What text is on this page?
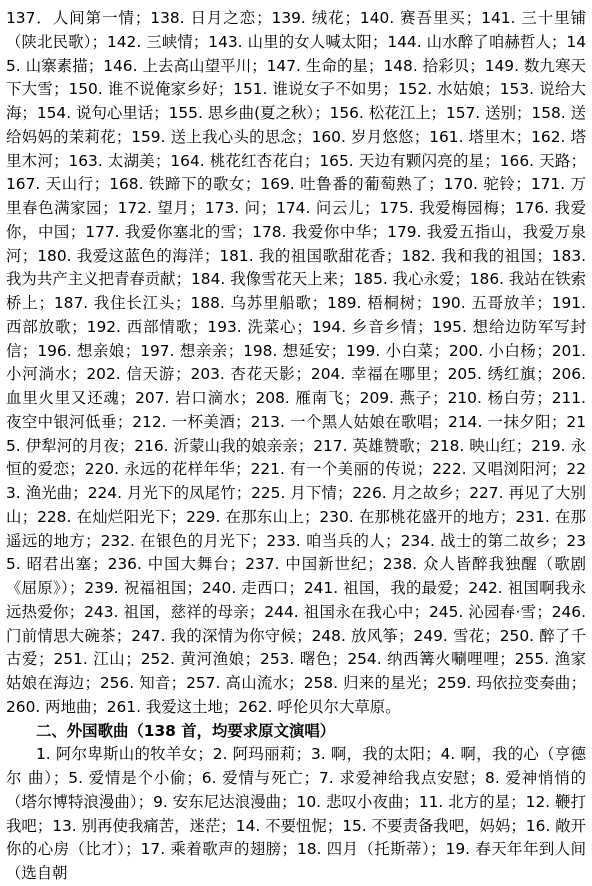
137．人间第一情；138. 日月之恋；139. 绒花；140. 赛吾里买；141. 三十里铺（陕北民歌）；142. 三峡情；143. 山里的女人喊太阳；144. 山水醉了咱赫哲人；145. 山寨素描；146. 上去高山望平川；147. 生命的星；148. 拾彩贝；149. 数九寒天下大雪；150. 谁不说俺家乡好；151. 谁说女子不如男；152. 水姑娘；153. 说给大海；154. 说句心里话；155. 思乡曲(夏之秋）；156. 松花江上；157. 送别；158. 送给妈妈的茉莉花；159. 送上我心头的思念；160. 岁月悠悠；161. 塔里木；162. 塔里木河；163. 太湖美；164. 桃花红杏花白；165. 天边有颗闪亮的星；166. 天路；167. 天山行；168. 铁蹄下的歌女；169. 吐鲁番的葡萄熟了；170. 驼铃；171. 万里春色满家园；172. 望月；173. 问；174. 问云儿；175. 我爱梅园梅；176. 我爱你，中国；177. 我爱你塞北的雪；178. 我爱你中华；179. 我爱五指山，我爱万泉河；180. 我爱这蓝色的海洋；181. 我的祖国歌甜花香；182. 我和我的祖国；183. 我为共产主义把青春贡献；184. 我像雪花天上来；185. 我心永爱；186. 我站在铁索桥上；187. 我住长江头；188. 乌苏里船歌；189. 梧桐树；190. 五哥放羊；191. 西部放歌；192. 西部情歌；193. 洗菜心；194. 乡音乡情；195. 想给边防军写封信；196. 想亲娘；197. 想亲亲；198. 想延安；199. 小白菜；200. 小白杨；201. 小河淌水；202. 信天游；203. 杏花天影；204. 幸福在哪里；205. 绣红旗；206. 血里火里又还魂；207. 岩口滴水；208. 雁南飞；209. 燕子；210. 杨白劳；211. 夜空中银河低垂；212. 一杯美酒；213. 一个黑人姑娘在歌唱；214. 一抹夕阳；215. 伊犁河的月夜；216. 沂蒙山我的娘亲亲；217. 英雄赞歌；218. 映山红；219. 永恒的爱恋；220. 永远的花样年华；221. 有一个美丽的传说；222. 又唱浏阳河；223. 渔光曲；224. 月光下的凤尾竹；225. 月下情；226. 月之故乡；227. 再见了大别山；228. 在灿烂阳光下；229. 在那东山上；230. 在那桃花盛开的地方；231. 在那遥远的地方；232. 在银色的月光下；233. 咱当兵的人；234. 战士的第二故乡；235. 昭君出塞；236. 中国大舞台；237. 中国新世纪；238. 众人皆醉我独醒（歌剧《屈原》）；239. 祝福祖国；240. 走西口；241. 祖国，我的最爱；242. 祖国啊我永远热爱你；243. 祖国，慈祥的母亲；244. 祖国永在我心中；245. 沁园春·雪；246. 门前情思大碗茶；247. 我的深情为你守候；248. 放风筝；249. 雪花；250. 醉了千古爱；251. 江山；252. 黄河渔娘；253. 曙色；254. 纳西篝火唰哩哩；255. 渔家姑娘在海边；256. 知音；257. 高山流水；258. 归来的星光；259. 玛依拉变奏曲；260. 两地曲；261. 我爱这土地；262. 呼伦贝尔大草原。

二、外国歌曲（138 首，均要求原文演唱）

1. 阿尔卑斯山的牧羊女；2. 阿玛丽莉；3. 啊，我的太阳；4. 啊，我的心（亨德尔 曲）；5. 爱情是个小偷；6. 爱情与死亡；7. 求爱神给我点安慰；8. 爱神悄悄的（塔尔博特浪漫曲）；9. 安东尼达浪漫曲；10. 悲叹小夜曲；11. 北方的星；12. 鞭打我吧；13. 别再使我痛苦，迷茫；14. 不要忸怩；15. 不要责备我吧，妈妈；16. 敞开你的心房（比才）；17. 乘着歌声的翅膀；18. 四月（托斯蒂）；19. 春天年年到人间（选自朝
